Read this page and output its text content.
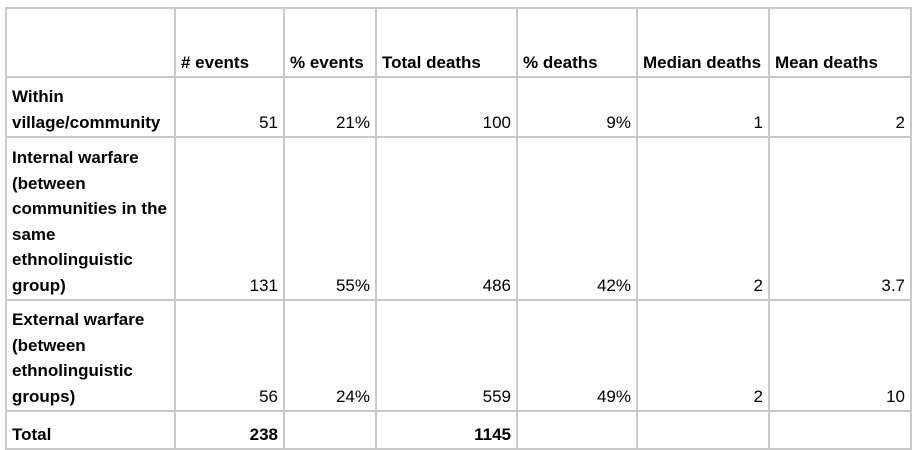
	# events	% events	Total deaths	% deaths	Median deaths	Mean deaths
Within village/community	51	21%	100	9%	1	2
Internal warfare (between communities in the same ethnolinguistic group)	131	55%	486	42%	2	3.7
External warfare (between ethnolinguistic groups)	56	24%	559	49%	2	10
Total	238		1145			
